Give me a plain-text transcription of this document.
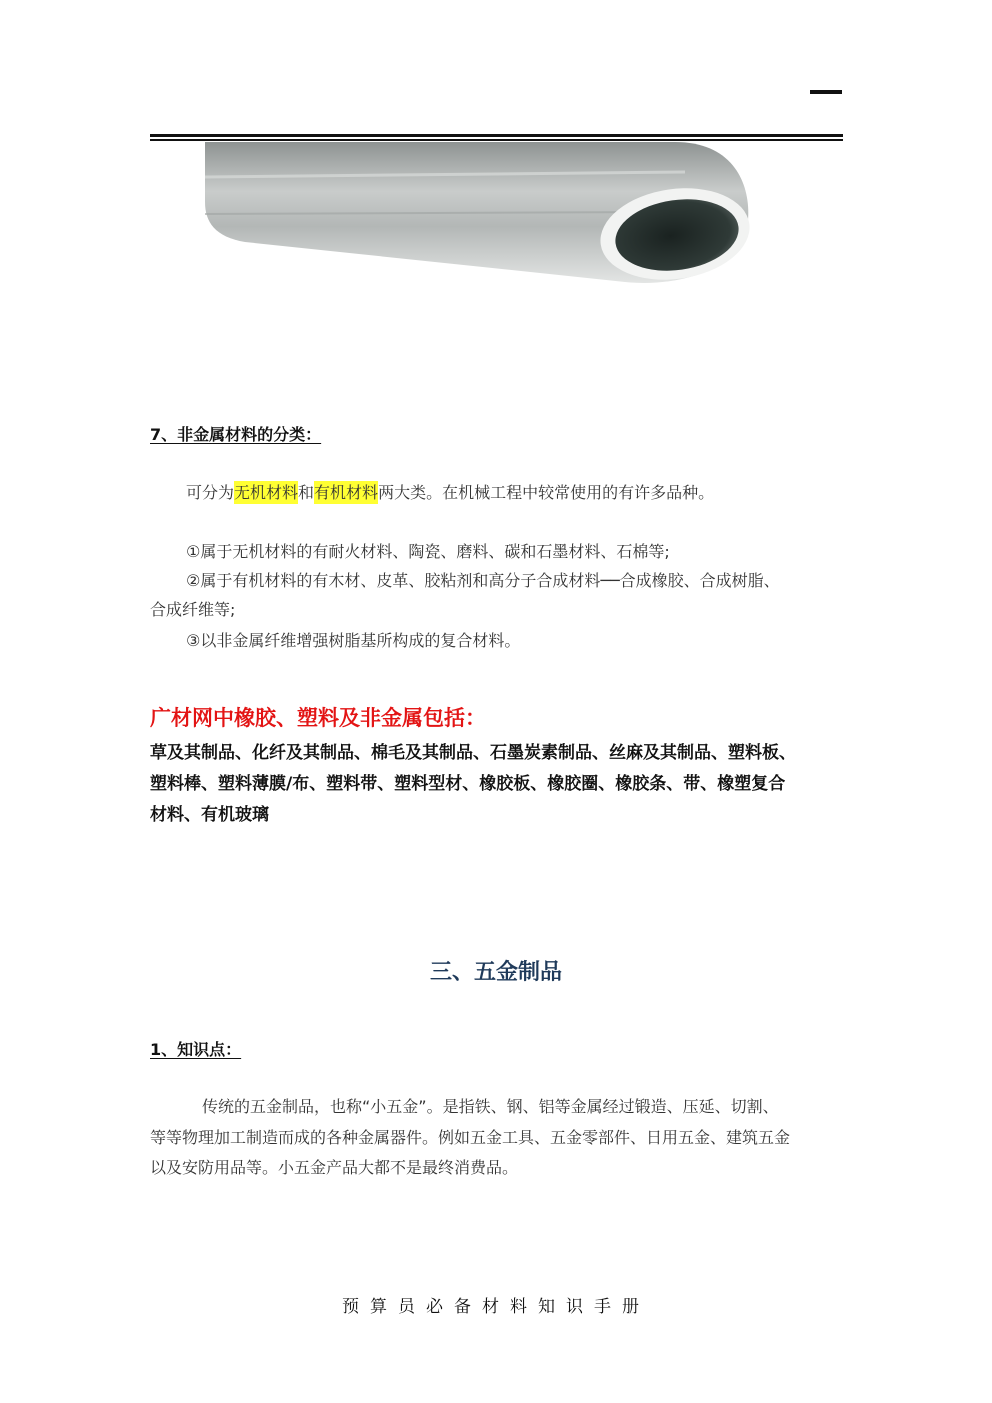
7、非金属材料的分类：
可分为无机材料和有机材料两大类。在机械工程中较常使用的有许多品种。
①属于无机材料的有耐火材料、陶瓷、磨料、碳和石墨材料、石棉等;
②属于有机材料的有木材、皮革、胶粘剂和高分子合成材料──合成橡胶、合成树脂、
合成纤维等;
③以非金属纤维增强树脂基所构成的复合材料。
广材网中橡胶、塑料及非金属包括：
草及其制品、化纤及其制品、棉毛及其制品、石墨炭素制品、丝麻及其制品、塑料板、
塑料棒、塑料薄膜/布、塑料带、塑料型材、橡胶板、橡胶圈、橡胶条、带、橡塑复合
材料、有机玻璃
三、五金制品
1、知识点：
传统的五金制品，也称“小五金”。是指铁、钢、铝等金属经过锻造、压延、切割、
等等物理加工制造而成的各种金属器件。例如五金工具、五金零部件、日用五金、建筑五金
以及安防用品等。小五金产品大都不是最终消费品。
预算员必备材料知识手册
